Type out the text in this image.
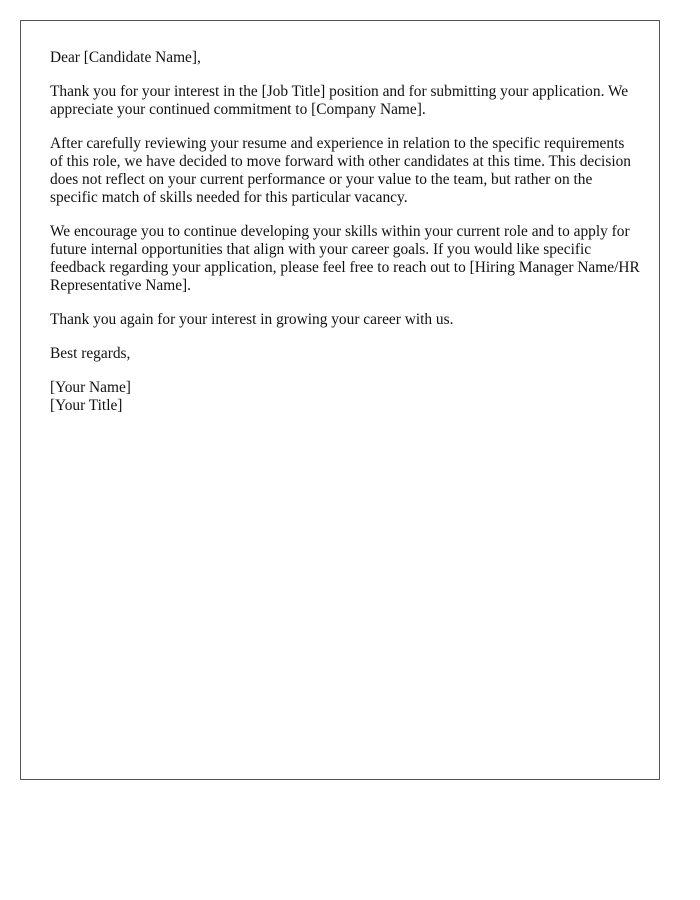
Dear [Candidate Name],

Thank you for your interest in the [Job Title] position and for submitting your application. We appreciate your continued commitment to [Company Name].

After carefully reviewing your resume and experience in relation to the specific requirements of this role, we have decided to move forward with other candidates at this time. This decision does not reflect on your current performance or your value to the team, but rather on the specific match of skills needed for this particular vacancy.

We encourage you to continue developing your skills within your current role and to apply for future internal opportunities that align with your career goals. If you would like specific feedback regarding your application, please feel free to reach out to [Hiring Manager Name/HR Representative Name].

Thank you again for your interest in growing your career with us.

Best regards,

[Your Name]
[Your Title]
